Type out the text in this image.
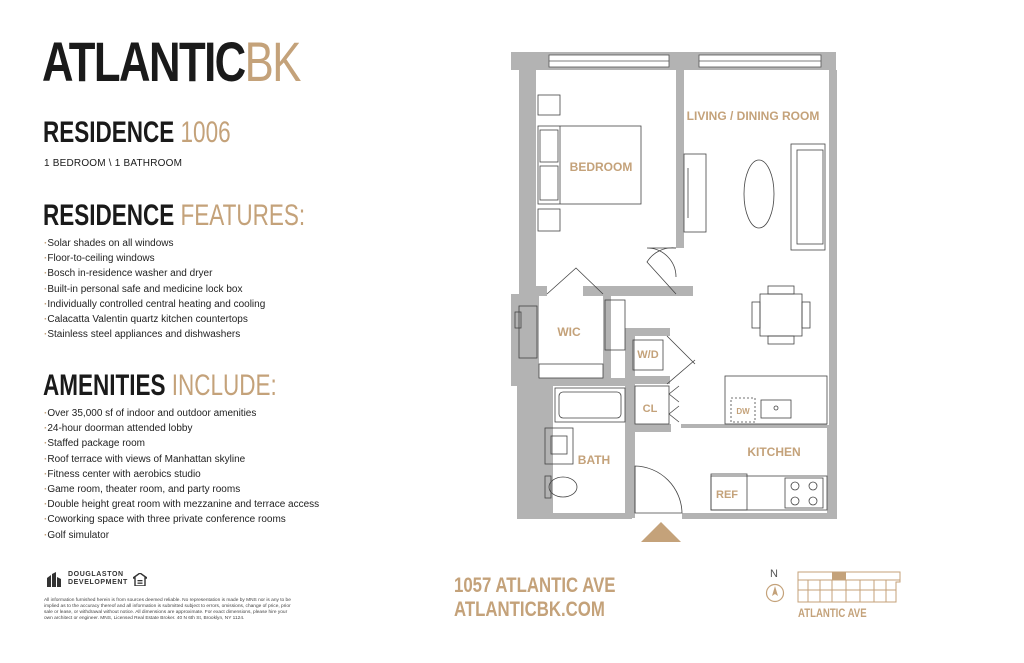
ATLANTICBK
RESIDENCE 1006
1 BEDROOM \ 1 BATHROOM
RESIDENCE FEATURES:
· Solar shades on all windows
· Floor-to-ceiling windows
· Bosch in-residence washer and dryer
· Built-in personal safe and medicine lock box
· Individually controlled central heating and cooling
· Calacatta Valentin quartz kitchen countertops
· Stainless steel appliances and dishwashers
AMENITIES INCLUDE:
· Over 35,000 sf of indoor and outdoor amenities
· 24-hour doorman attended lobby
· Staffed package room
· Roof terrace with views of Manhattan skyline
· Fitness center with aerobics studio
· Game room, theater room, and party rooms
· Double height great room with mezzanine and terrace access
· Coworking space with three private conference rooms
· Golf simulator
DOUGLASTON
DEVELOPMENT
All information furnished herein is from sources deemed reliable. No representation is made by MNS nor is any to be implied as to the accuracy thereof and all information is submitted subject to errors, omissions, change of price, prior sale or lease, or withdrawal without notice. All dimensions are approximate. For exact dimensions, please hire your own architect or engineer. MNS, Licensed Real Estate Broker. 40 N 6th St, Brooklyn, NY 1124.
1057 ATLANTIC AVE
ATLANTICBK.COM
N
ATLANTIC AVE
LIVING / DINING ROOM
BEDROOM
WIC
W/D
CL
BATH
KITCHEN
DW
REF
